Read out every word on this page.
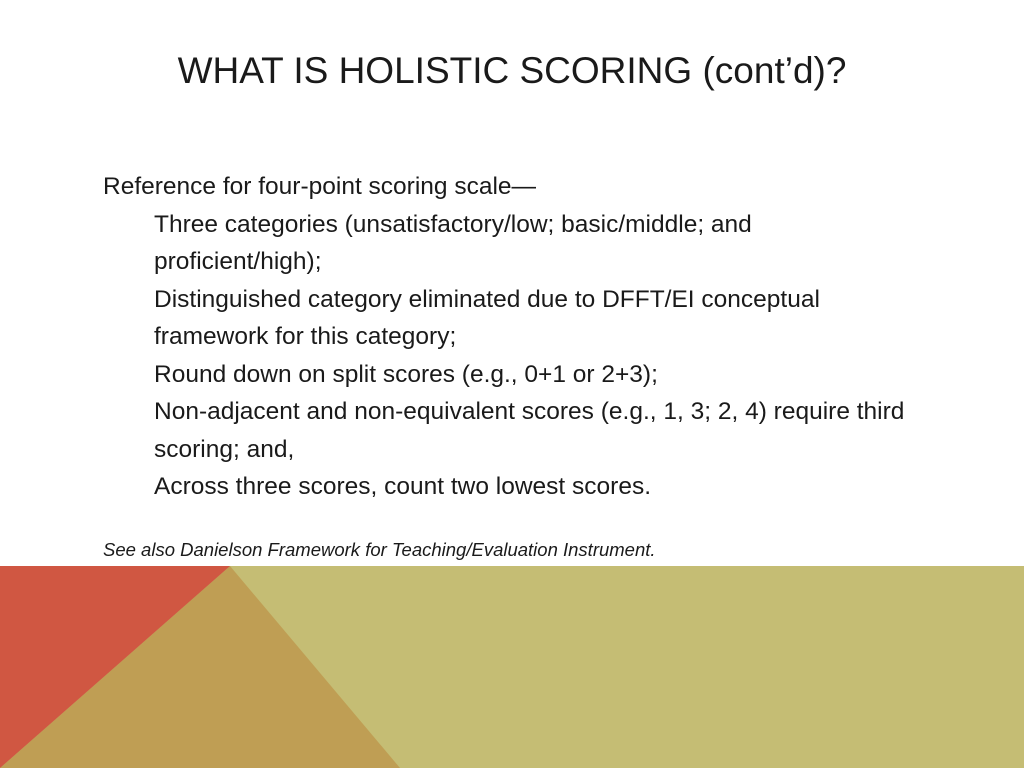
WHAT IS HOLISTIC SCORING (cont’d)?

Reference for four-point scoring scale—

Three categories (unsatisfactory/low; basic/middle; and proficient/high);

Distinguished category eliminated due to DFFT/EI conceptual framework for this category;

Round down on split scores (e.g., 0+1 or 2+3);

Non-adjacent and non-equivalent scores (e.g., 1, 3; 2, 4) require third scoring; and,

Across three scores, count two lowest scores.

See also Danielson Framework for Teaching/Evaluation Instrument.
